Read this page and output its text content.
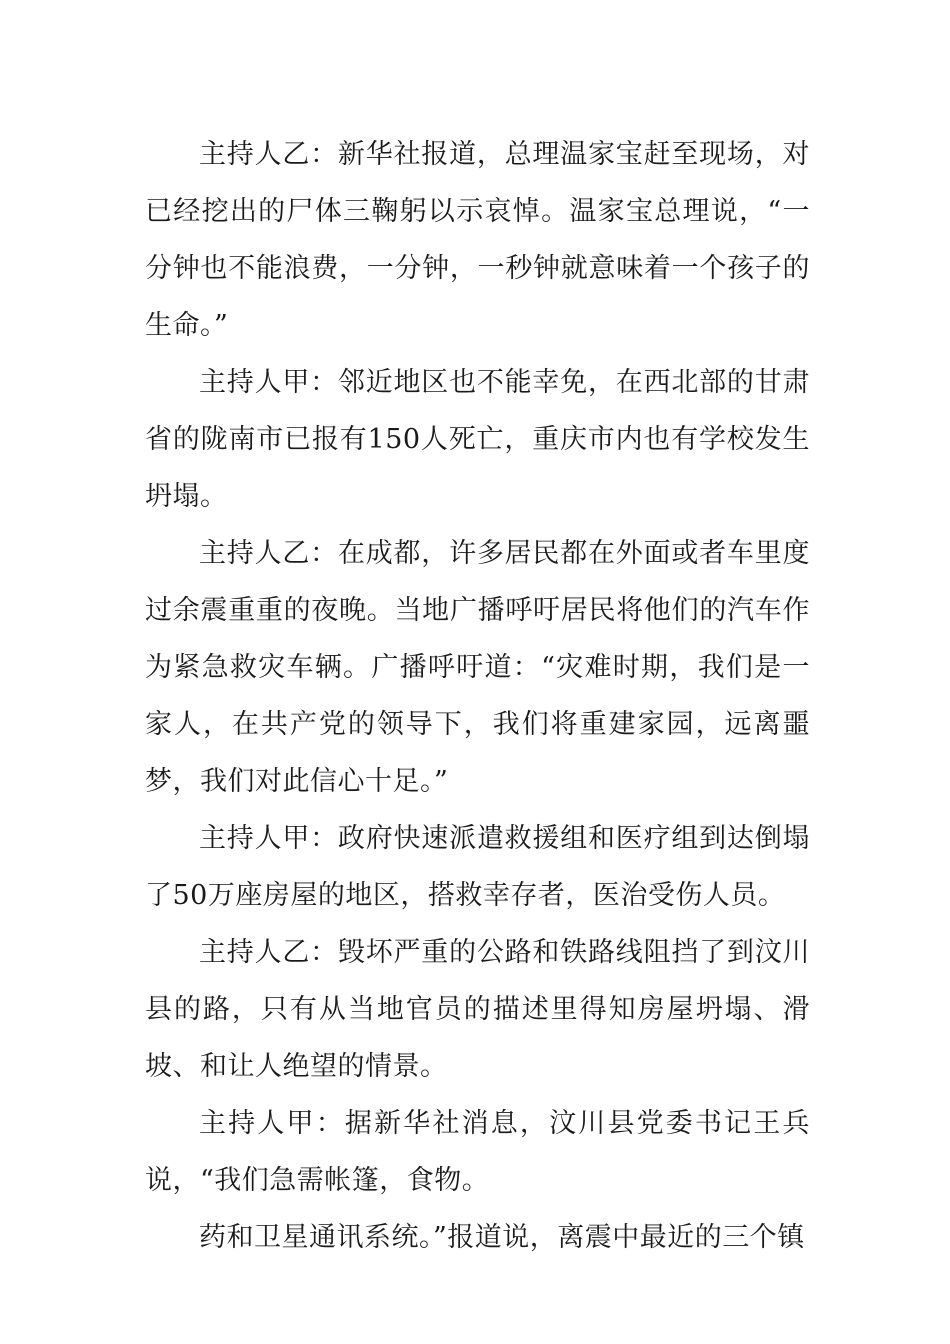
主持人乙：新华社报道，总理温家宝赶至现场，对已经挖出的尸体三鞠躬以示哀悼。温家宝总理说，“一分钟也不能浪费，一分钟，一秒钟就意味着一个孩子的生命。”

主持人甲：邻近地区也不能幸免，在西北部的甘肃省的陇南市已报有150人死亡，重庆市内也有学校发生坍塌。

主持人乙：在成都，许多居民都在外面或者车里度过余震重重的夜晚。当地广播呼吁居民将他们的汽车作为紧急救灾车辆。广播呼吁道：“灾难时期，我们是一家人，在共产党的领导下，我们将重建家园，远离噩梦，我们对此信心十足。”

主持人甲：政府快速派遣救援组和医疗组到达倒塌了50万座房屋的地区，搭救幸存者，医治受伤人员。

主持人乙：毁坏严重的公路和铁路线阻挡了到汶川县的路，只有从当地官员的描述里得知房屋坍塌、滑坡、和让人绝望的情景。

主持人甲：据新华社消息，汶川县党委书记王兵说，“我们急需帐篷，食物。

药和卫星通讯系统。”报道说，离震中最近的三个镇
